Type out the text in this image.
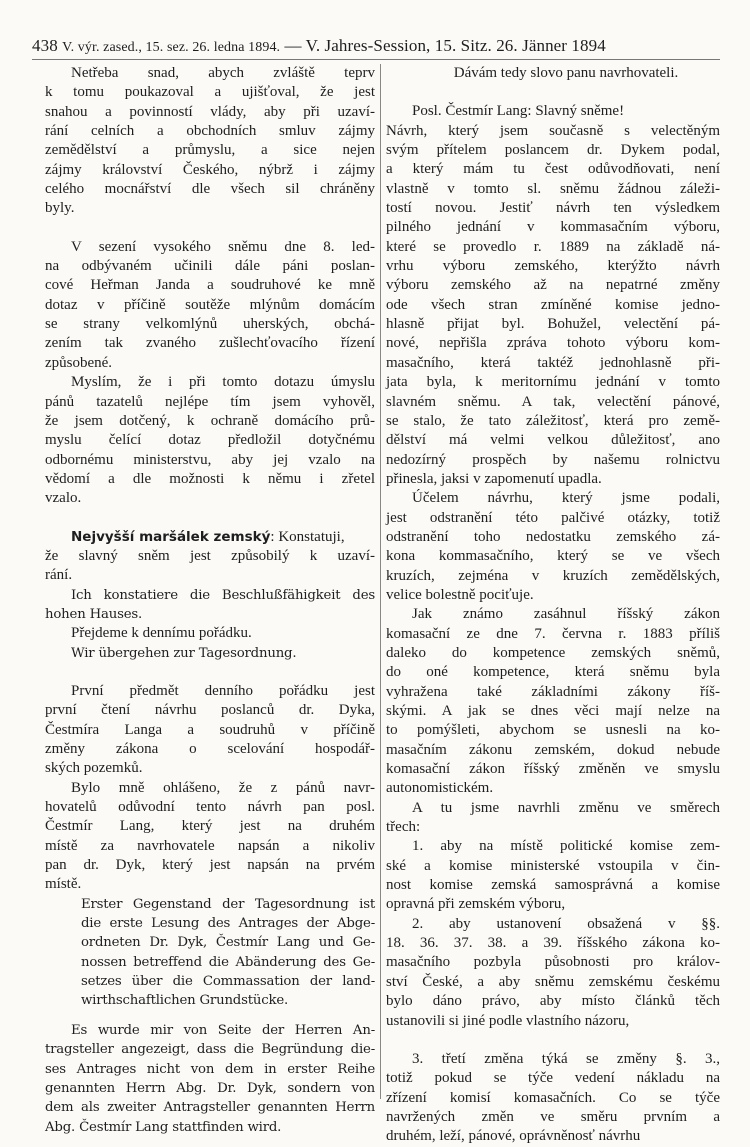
438 V. výr. zased., 15. sez. 26. ledna 1894. — V. Jahres-Session, 15. Sitz. 26. Jänner 1894
Netřeba snad, abych zvláště teprv
k tomu poukazoval a ujišťoval, že jest
snahou a povinností vlády, aby při uzaví-
rání celních a obchodních smluv zájmy
zemědělství a průmyslu, a sice nejen
zájmy království Českého, nýbrž i zájmy
celého mocnářství dle všech sil chráněny
byly.
V sezení vysokého sněmu dne 8. led-
na odbývaném učinili dále páni poslan-
cové Heřman Janda a soudruhové ke mně
dotaz v příčině soutěže mlýnům domácím
se strany velkomlýnů uherských, obchá-
zením tak zvaného zušlechťovacího řízení
způsobené.
Myslím, že i při tomto dotazu úmyslu
pánů tazatelů nejlépe tím jsem vyhověl,
že jsem dotčený, k ochraně domácího prů-
myslu čelící dotaz předložil dotyčnému
odbornému ministerstvu, aby jej vzalo na
vědomí a dle možnosti k němu i zřetel
vzalo.
Nejvyšší maršálek zemský: Konstatuji,
že slavný sněm jest způsobilý k uzaví-
rání.
Ich konstatiere die Beschlußfähigkeit des
hohen Hauses.
Přejdeme k dennímu pořádku.
Wir übergehen zur Tagesordnung.
První předmět denního pořádku jest
první čtení návrhu poslanců dr. Dyka,
Čestmíra Langa a soudruhů v příčině
změny zákona o scelování hospodář-
ských pozemků.
Bylo mně ohlášeno, že z pánů navr-
hovatelů odůvodní tento návrh pan posl.
Čestmír Lang, který jest na druhém
místě za navrhovatele napsán a nikoliv
pan dr. Dyk, který jest napsán na prvém
místě.
Erster Gegenstand der Tagesordnung ist
die erste Lesung des Antrages der Abge-
ordneten Dr. Dyk, Čestmír Lang und Ge-
nossen betreffend die Abänderung des Ge-
setzes über die Commassation der land-
wirthschaftlichen Grundstücke.
Es wurde mir von Seite der Herren An-
tragsteller angezeigt, dass die Begründung die-
ses Antrages nicht von dem in erster Reihe
genannten Herrn Abg. Dr. Dyk, sondern von
dem als zweiter Antragsteller genannten Herrn
Abg. Čestmír Lang stattfinden wird.
Dávám tedy slovo panu navrhovateli.
Posl. Čestmír Lang: Slavný sněme!
Návrh, který jsem současně s velectěným
svým přítelem poslancem dr. Dykem podal,
a který mám tu čest odůvodňovati, není
vlastně v tomto sl. sněmu žádnou záleži-
tostí novou. Jestiť návrh ten výsledkem
pilného jednání v kommasačním výboru,
které se provedlo r. 1889 na základě ná-
vrhu výboru zemského, kterýžto návrh
výboru zemského až na nepatrné změny
ode všech stran zmíněné komise jedno-
hlasně přijat byl. Bohužel, velectění pá-
nové, nepřišla zpráva tohoto výboru kom-
masačního, která taktéž jednohlasně při-
jata byla, k meritornímu jednání v tomto
slavném sněmu. A tak, velectění pánové,
se stalo, že tato záležitosť, která pro země-
dělství má velmi velkou důležitosť, ano
nedozírný prospěch by našemu rolnictvu
přinesla, jaksi v zapomenutí upadla.
Účelem návrhu, který jsme podali,
jest odstranění této palčivé otázky, totiž
odstranění toho nedostatku zemského zá-
kona kommasačního, který se ve všech
kruzích, zejména v kruzích zemědělských,
velice bolestně pociťuje.
Jak známo zasáhnul říšský zákon
komasační ze dne 7. června r. 1883 příliš
daleko do kompetence zemských sněmů,
do oné kompetence, která sněmu byla
vyhražena také základními zákony říš-
skými. A jak se dnes věci mají nelze na
to pomýšleti, abychom se usnesli na ko-
masačním zákonu zemském, dokud nebude
komasační zákon říšský změněn ve smyslu
autonomistickém.
A tu jsme navrhli změnu ve směrech
třech:
1. aby na místě politické komise zem-
ské a komise ministerské vstoupila v čin-
nost komise zemská samosprávná a komise
opravná při zemském výboru,
2. aby ustanovení obsažená v §§.
18. 36. 37. 38. a 39. říšského zákona ko-
masačního pozbyla působnosti pro králov-
ství České, a aby sněmu zemskému českému
bylo dáno právo, aby místo článků těch
ustanovili si jiné podle vlastního názoru,
3. třetí změna týká se změny §. 3.,
totiž pokud se týče vedení nákladu na
zřízení komisí komasačních. Co se týče
navržených změn ve směru prvním a
druhém, leží, pánové, oprávněnosť návrhu
